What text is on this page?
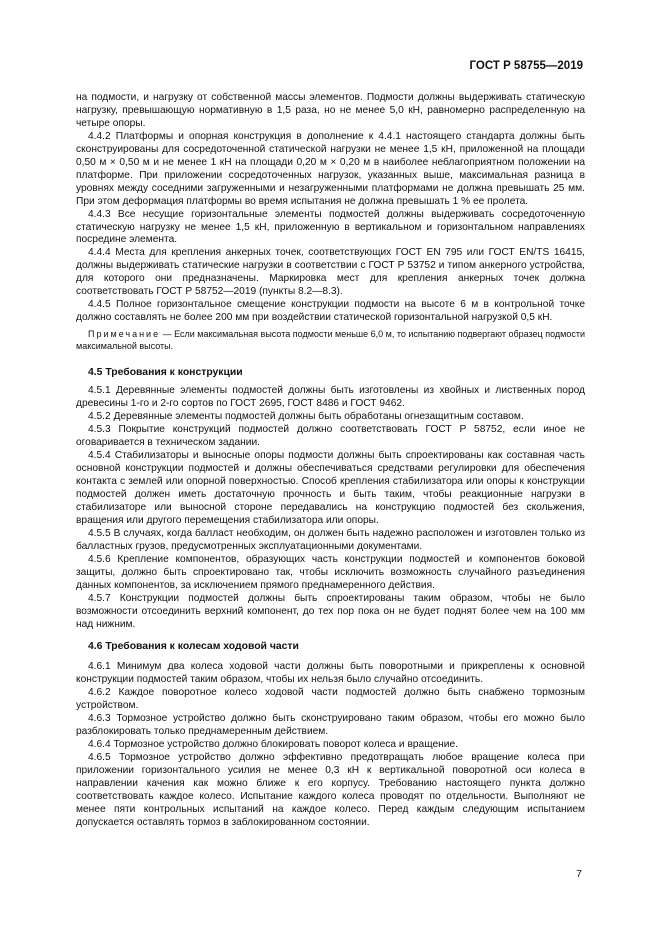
ГОСТ Р 58755—2019

на подмости, и нагрузку от собственной массы элементов. Подмости должны выдерживать статическую нагрузку, превышающую нормативную в 1,5 раза, но не менее 5,0 кН, равномерно распределенную на четыре опоры.

4.4.2 Платформы и опорная конструкция в дополнение к 4.4.1 настоящего стандарта должны быть сконструированы для сосредоточенной статической нагрузки не менее 1,5 кН, приложенной на площади 0,50 м × 0,50 м и не менее 1 кН на площади 0,20 м × 0,20 м в наиболее неблагоприятном положении на платформе. При приложении сосредоточенных нагрузок, указанных выше, максимальная разница в уровнях между соседними загруженными и незагруженными платформами не должна превышать 25 мм. При этом деформация платформы во время испытания не должна превышать 1 % ее пролета.

4.4.3 Все несущие горизонтальные элементы подмостей должны выдерживать сосредоточенную статическую нагрузку не менее 1,5 кН, приложенную в вертикальном и горизонтальном направлениях посредине элемента.

4.4.4 Места для крепления анкерных точек, соответствующих ГОСТ EN 795 или ГОСТ EN/TS 16415, должны выдерживать статические нагрузки в соответствии с ГОСТ Р 53752 и типом анкерного устройства, для которого они предназначены. Маркировка мест для крепления анкерных точек должна соответствовать ГОСТ Р 58752—2019 (пункты 8.2—8.3).

4.4.5 Полное горизонтальное смещение конструкции подмости на высоте 6 м в контрольной точке должно составлять не более 200 мм при воздействии статической горизонтальной нагрузкой 0,5 кН.

Примечание — Если максимальная высота подмости меньше 6,0 м, то испытанию подвергают образец подмости максимальной высоты.

4.5 Требования к конструкции

4.5.1 Деревянные элементы подмостей должны быть изготовлены из хвойных и лиственных пород древесины 1-го и 2-го сортов по ГОСТ 2695, ГОСТ 8486 и ГОСТ 9462.

4.5.2 Деревянные элементы подмостей должны быть обработаны огнезащитным составом.

4.5.3 Покрытие конструкций подмостей должно соответствовать ГОСТ Р 58752, если иное не оговаривается в техническом задании.

4.5.4 Стабилизаторы и выносные опоры подмости должны быть спроектированы как составная часть основной конструкции подмостей и должны обеспечиваться средствами регулировки для обеспечения контакта с землей или опорной поверхностью. Способ крепления стабилизатора или опоры к конструкции подмостей должен иметь достаточную прочность и быть таким, чтобы реакционные нагрузки в стабилизаторе или выносной стороне передавались на конструкцию подмостей без скольжения, вращения или другого перемещения стабилизатора или опоры.

4.5.5 В случаях, когда балласт необходим, он должен быть надежно расположен и изготовлен только из балластных грузов, предусмотренных эксплуатационными документами.

4.5.6 Крепление компонентов, образующих часть конструкции подмостей и компонентов боковой защиты, должно быть спроектировано так, чтобы исключить возможность случайного разъединения данных компонентов, за исключением прямого преднамеренного действия.

4.5.7 Конструкции подмостей должны быть спроектированы таким образом, чтобы не было возможности отсоединить верхний компонент, до тех пор пока он не будет поднят более чем на 100 мм над нижним.

4.6 Требования к колесам ходовой части

4.6.1 Минимум два колеса ходовой части должны быть поворотными и прикреплены к основной конструкции подмостей таким образом, чтобы их нельзя было случайно отсоединить.

4.6.2 Каждое поворотное колесо ходовой части подмостей должно быть снабжено тормозным устройством.

4.6.3 Тормозное устройство должно быть сконструировано таким образом, чтобы его можно было разблокировать только преднамеренным действием.

4.6.4 Тормозное устройство должно блокировать поворот колеса и вращение.

4.6.5 Тормозное устройство должно эффективно предотвращать любое вращение колеса при приложении горизонтального усилия не менее 0,3 кН к вертикальной поворотной оси колеса в направлении качения как можно ближе к его корпусу. Требованию настоящего пункта должно соответствовать каждое колесо. Испытание каждого колеса проводят по отдельности. Выполняют не менее пяти контрольных испытаний на каждое колесо. Перед каждым следующим испытанием допускается оставлять тормоз в заблокированном состоянии.

7
